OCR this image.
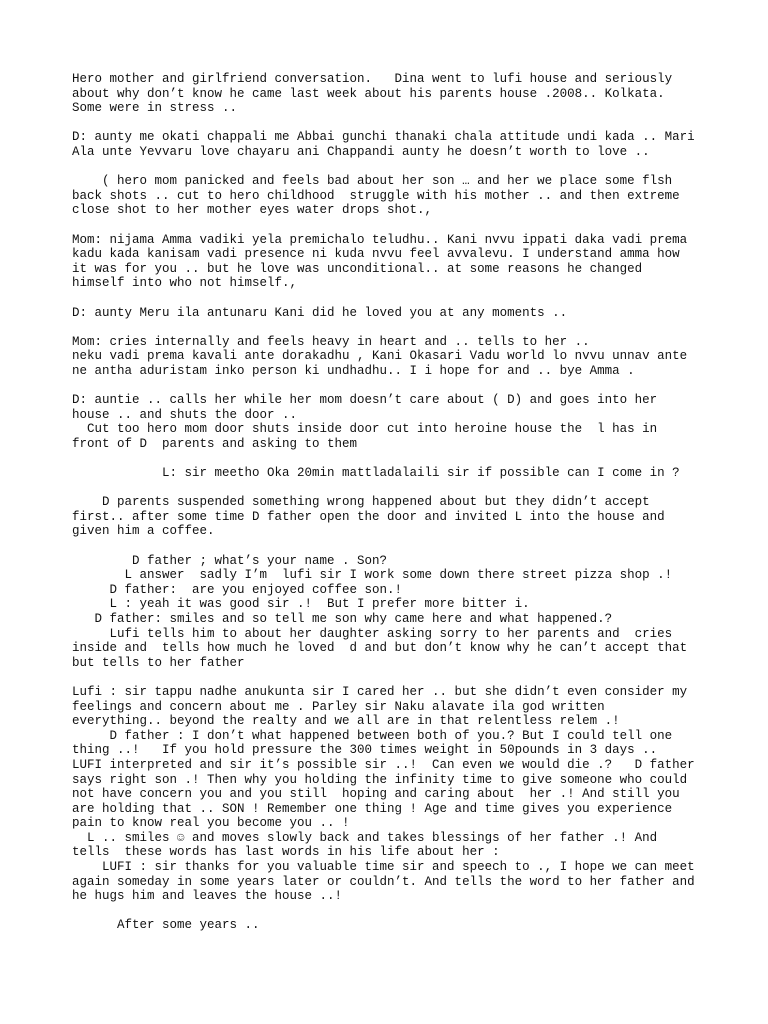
Hero mother and girlfriend conversation.   Dina went to lufi house and seriously
about why don’t know he came last week about his parents house .2008.. Kolkata.
Some were in stress ..
D: aunty me okati chappali me Abbai gunchi thanaki chala attitude undi kada .. Mari
Ala unte Yevvaru love chayaru ani Chappandi aunty he doesn’t worth to love ..
( hero mom panicked and feels bad about her son … and her we place some flsh
back shots .. cut to hero childhood  struggle with his mother .. and then extreme
close shot to her mother eyes water drops shot.,
Mom: nijama Amma vadiki yela premichalo teludhu.. Kani nvvu ippati daka vadi prema
kadu kada kanisam vadi presence ni kuda nvvu feel avvalevu. I understand amma how
it was for you .. but he love was unconditional.. at some reasons he changed
himself into who not himself.,
D: aunty Meru ila antunaru Kani did he loved you at any moments ..
Mom: cries internally and feels heavy in heart and .. tells to her ..
neku vadi prema kavali ante dorakadhu , Kani Okasari Vadu world lo nvvu unnav ante
ne antha aduristam inko person ki undhadhu.. I i hope for and .. bye Amma .
D: auntie .. calls her while her mom doesn’t care about ( D) and goes into her
house .. and shuts the door ..
Cut too hero mom door shuts inside door cut into heroine house the  l has in
front of D  parents and asking to them
L: sir meetho Oka 20min mattladalaili sir if possible can I come in ?
D parents suspended something wrong happened about but they didn’t accept
first.. after some time D father open the door and invited L into the house and
given him a coffee.
D father ; what’s your name . Son?
L answer  sadly I’m  lufi sir I work some down there street pizza shop .!
D father:  are you enjoyed coffee son.!
L : yeah it was good sir .!  But I prefer more bitter i.
D father: smiles and so tell me son why came here and what happened.?
Lufi tells him to about her daughter asking sorry to her parents and  cries
inside and  tells how much he loved  d and but don’t know why he can’t accept that
but tells to her father
Lufi : sir tappu nadhe anukunta sir I cared her .. but she didn’t even consider my
feelings and concern about me . Parley sir Naku alavate ila god written
everything.. beyond the realty and we all are in that relentless relem .!
D father : I don’t what happened between both of you.? But I could tell one
thing ..!   If you hold pressure the 300 times weight in 50pounds in 3 days ..
LUFI interpreted and sir it’s possible sir ..!  Can even we would die .?   D father
says right son .! Then why you holding the infinity time to give someone who could
not have concern you and you still  hoping and caring about  her .! And still you
are holding that .. SON ! Remember one thing ! Age and time gives you experience
pain to know real you become you .. !
L .. smiles ☺ and moves slowly back and takes blessings of her father .! And
tells  these words has last words in his life about her :
LUFI : sir thanks for you valuable time sir and speech to ., I hope we can meet
again someday in some years later or couldn’t. And tells the word to her father and
he hugs him and leaves the house ..!
After some years ..
